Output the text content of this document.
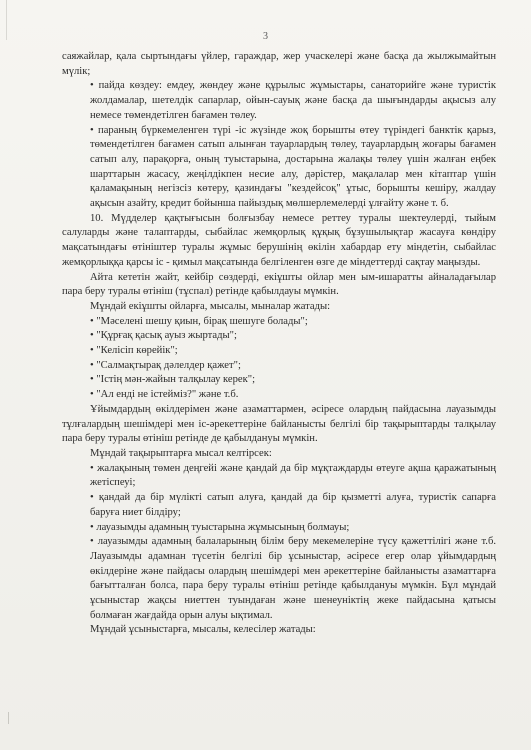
3

саяжайлар, қала сыртындағы үйлер, гараждар, жер учаскелері және басқа да жылжымайтын мүлік;

• пайда көздеу: емдеу, жөндеу және құрылыс жұмыстары, санаторийге және туристік жолдамалар, шетелдік сапарлар, ойын-сауық және басқа да шығындарды ақысыз алу немесе төмендетілген бағамен төлеу.

• параның бүркемеленген түрі -іс жүзінде жоқ борышты өтеу түріндегі банктік қарыз, төмендетілген бағамен сатып алынған тауарлардың төлеу, тауарлардың жоғары бағамен сатып алу, парақорға, оның туыстарына, достарына жалақы төлеу үшін жалған еңбек шарттарын жасасу, жеңілдікпен несие алу, дәрістер, мақалалар мен кітаптар үшін қаламақының негізсіз көтеру, қазиндағы "кездейсоқ" ұтыс, борышты кешіру, жалдау ақысын азайту, кредит бойынша пайыздық мөлшерлемелерді ұлғайту және т. б.

10. Мүдделер қақтығысын болғызбау немесе реттеу туралы шектеулерді, тыйым салуларды және талаптарды, сыбайлас жемқорлық құқық бұзушылықтар жасауға көндіру мақсатындағы өтініштер туралы жұмыс берушінің өкілін хабардар ету міндетін, сыбайлас жемқорлыққа қарсы іс - қимыл мақсатында белгіленген өзге де міндеттерді сақтау маңызды.

Айта кететін жайт, кейбір сөздерді, екіұшты ойлар мен ым-ишаратты айналадағылар пара беру туралы өтініш (тұспал) ретінде қабылдауы мүмкін.

Мұндай екіұшты ойларға, мысалы, мыналар жатады:

• "Мәселені шешу қиын, бірақ шешуге болады";

• "Құрғақ қасық ауыз жыртады";

• "Келісіп көрейік";

• "Салмақтырақ дәлелдер қажет";

• "Істің мән-жайын талқылау керек";

• "Ал енді не істейміз?" және т.б.

Ұйымдардың өкілдерімен және азаматтармен, әсіресе олардың пайдасына лауазымды тұлғалардың шешімдері мен іс-әрекеттеріне байланысты белгілі бір тақырыптарды талқылау пара беру туралы өтініш ретінде де қабылдануы мүмкін.

Мұндай тақырыптарға мысал келтірсек:

• жалақының төмен деңгейі және қандай да бір мұқтаждарды өтеуге ақша қаражатының жетіспеуі;

• қандай да бір мүлікті сатып алуға, қандай да бір қызметті алуға, туристік сапарға баруға ниет білдіру;

• лауазымды адамның туыстарына жұмысының болмауы;

• лауазымды адамның балаларының білім беру мекемелеріне түсу қажеттілігі және т.б. Лауазымды адамнан түсетін белгілі бір ұсыныстар, әсіресе егер олар ұйымдардың өкілдеріне және пайдасы олардың шешімдері мен әрекеттеріне байланысты азаматтарға бағытталған болса, пара беру туралы өтініш ретінде қабылдануы мүмкін. Бұл мұндай ұсыныстар жақсы ниеттен туындаған және шенеуніктің жеке пайдасына қатысы болмаған жағдайда орын алуы ықтимал.

Мұндай ұсыныстарға, мысалы, келесілер жатады:
